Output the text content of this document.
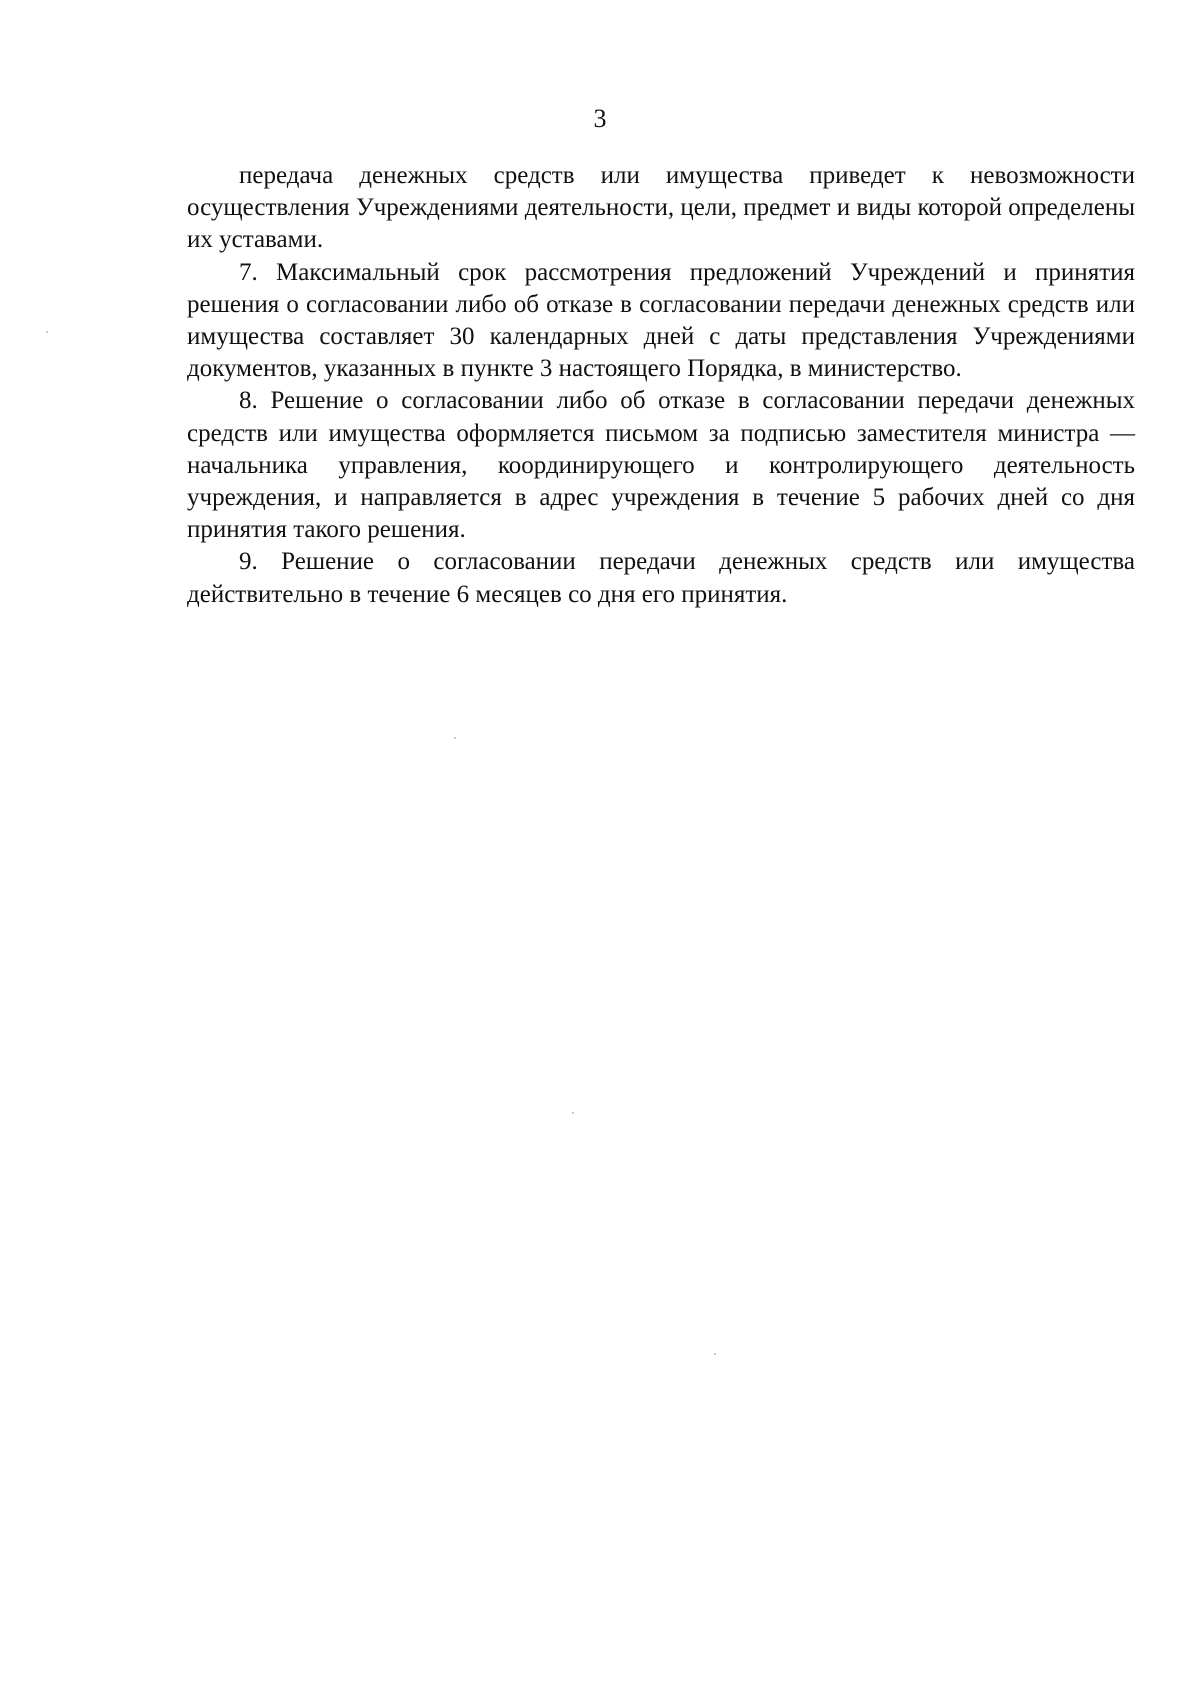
3

передача денежных средств или имущества приведет к невозможности осуществления Учреждениями деятельности, цели, предмет и виды которой определены их уставами.

7. Максимальный срок рассмотрения предложений Учреждений и принятия решения о согласовании либо об отказе в согласовании передачи денежных средств или имущества составляет 30 календарных дней с даты представления Учреждениями документов, указанных в пункте 3 настоящего Порядка, в министерство.

8. Решение о согласовании либо об отказе в согласовании передачи денежных средств или имущества оформляется письмом за подписью заместителя министра — начальника управления, координирующего и контролирующего деятельность учреждения, и направляется в адрес учреждения в течение 5 рабочих дней со дня принятия такого решения.

9. Решение о согласовании передачи денежных средств или имущества действительно в течение 6 месяцев со дня его принятия.
